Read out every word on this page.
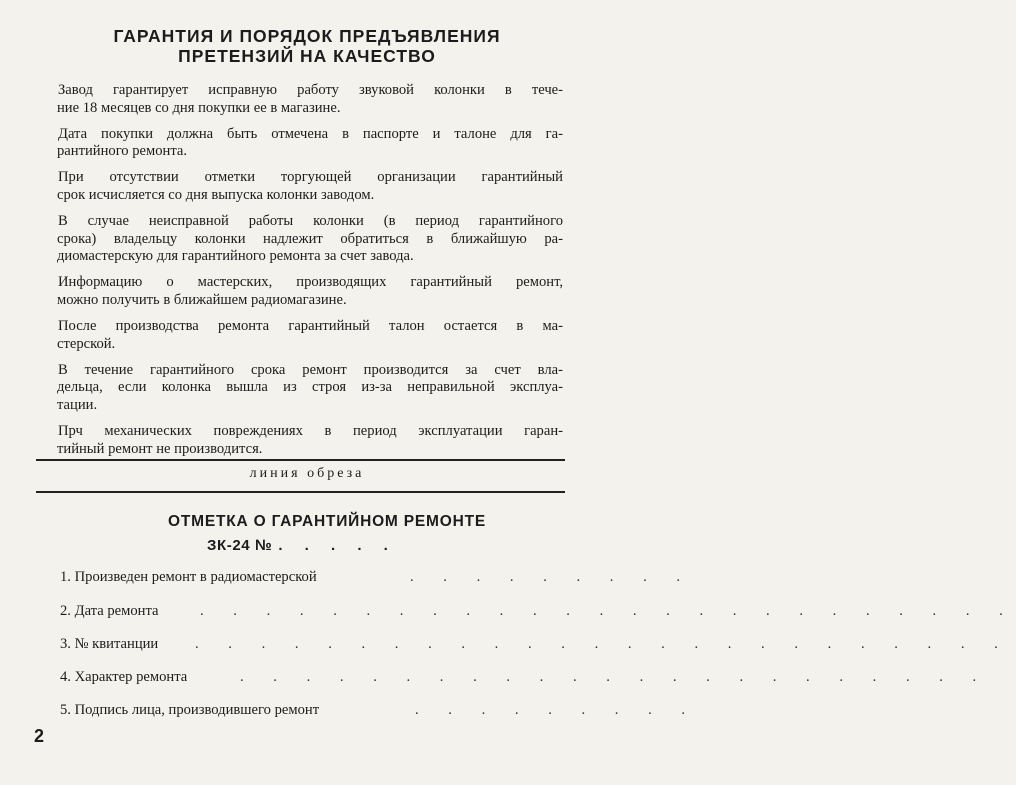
ГАРАНТИЯ И ПОРЯДОК ПРЕДЪЯВЛЕНИЯ
ПРЕТЕНЗИЙ НА КАЧЕСТВО
Завод гарантирует исправную работу звуковой колонки в тече-
ние 18 месяцев со дня покупки ее в магазине.
Дата покупки должна быть отмечена в паспорте и талоне для га-
рантийного ремонта.
При отсутствии отметки торгующей организации гарантийный
срок исчисляется со дня выпуска колонки заводом.
В случае неисправной работы колонки (в период гарантийного
срока) владельцу колонки надлежит обратиться в ближайшую ра-
диомастерскую для гарантийного ремонта за счет завода.
Информацию о мастерских, производящих гарантийный ремонт,
можно получить в ближайшем радиомагазине.
После производства ремонта гарантийный талон остается в ма-
стерской.
В течение гарантийного срока ремонт производится за счет вла-
дельца, если колонка вышла из строя из-за неправильной эксплуа-
тации.
Прч механических повреждениях в период эксплуатации гаран-
тийный ремонт не производится.
линия обреза
ОТМЕТКА О ГАРАНТИЙНОМ РЕМОНТЕ
ЗК-24 № . . . . .
1. Произведен ремонт в радиомастерской	. . . . . . . . .
2. Дата ремонта	. . . . . . . . . . . . . . . . . . . . . . . . .
3. № квитанции	. . . . . . . . . . . . . . . . . . . . . . . . .
4. Характер ремонта	. . . . . . . . . . . . . . . . . . . . . . .
5. Подпись лица, производившего ремонт	. . . . . . . . .
2
